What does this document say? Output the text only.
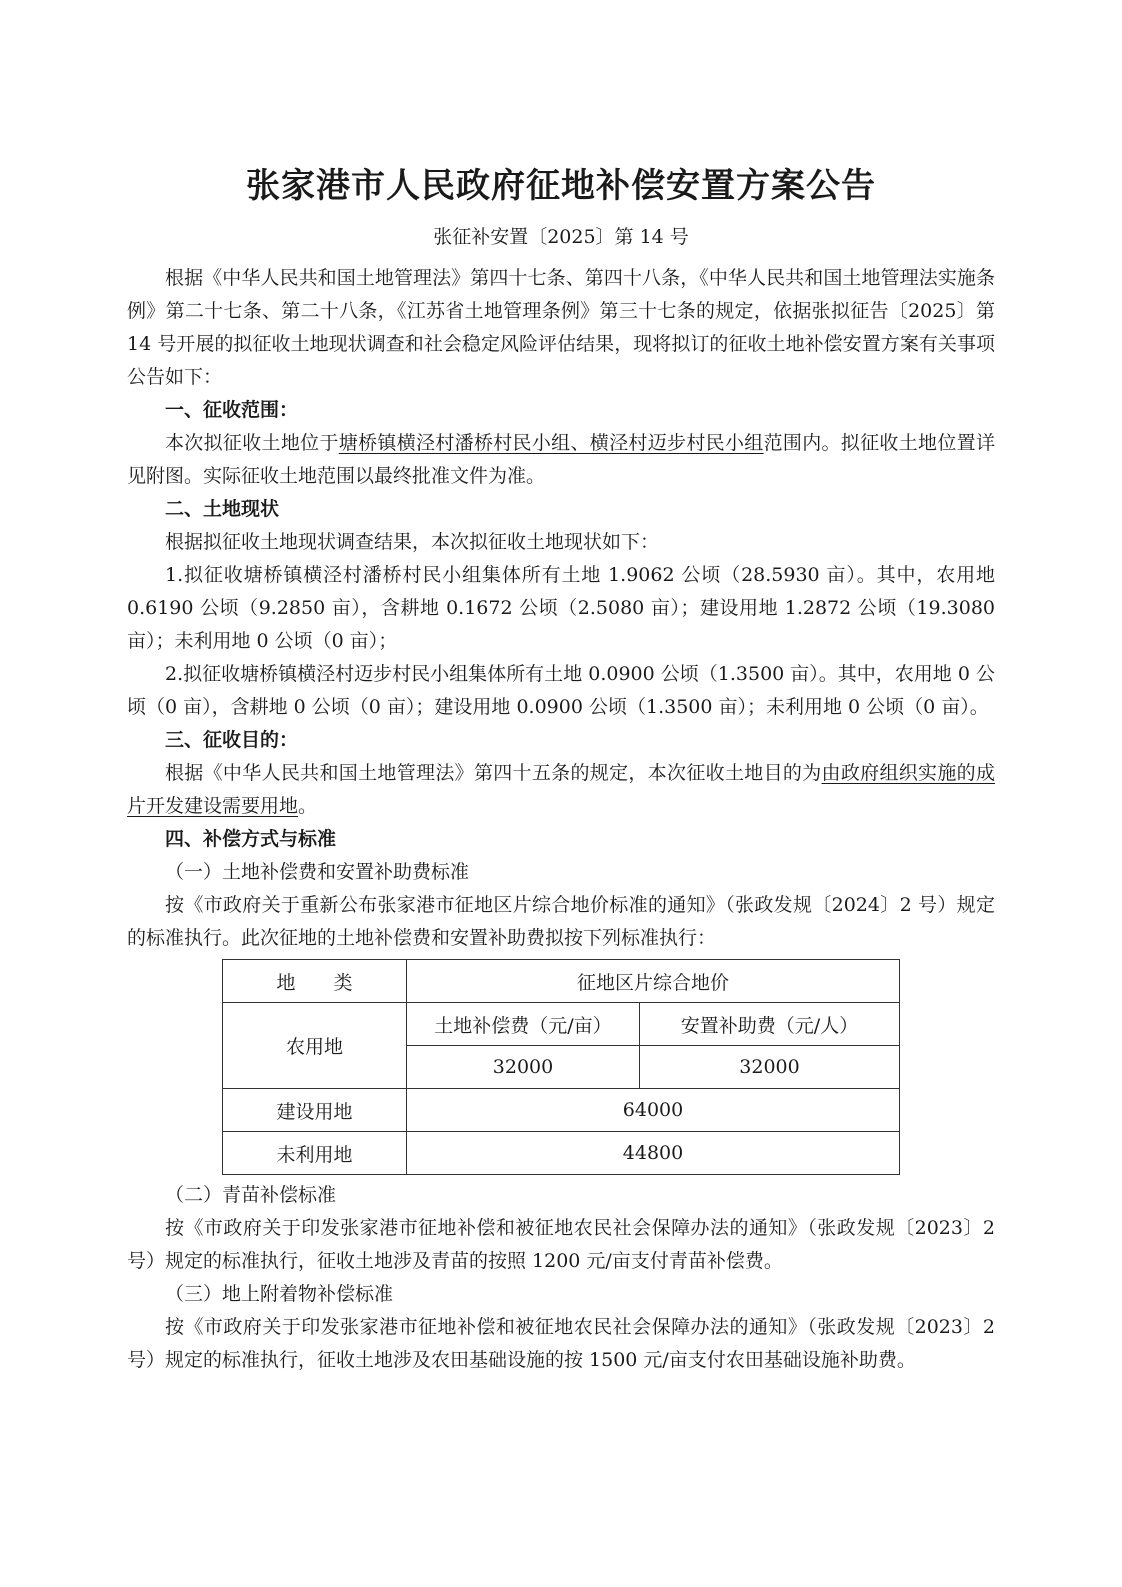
张家港市人民政府征地补偿安置方案公告
张征补安置〔2025〕第 14 号

根据《中华人民共和国土地管理法》第四十七条、第四十八条，《中华人民共和国土地管理法实施条例》第二十七条、第二十八条，《江苏省土地管理条例》第三十七条的规定，依据张拟征告〔2025〕第 14 号开展的拟征收土地现状调查和社会稳定风险评估结果，现将拟订的征收土地补偿安置方案有关事项公告如下：

一、征收范围：

本次拟征收土地位于塘桥镇横泾村潘桥村民小组、横泾村迈步村民小组范围内。拟征收土地位置详见附图。实际征收土地范围以最终批准文件为准。

二、土地现状

根据拟征收土地现状调查结果，本次拟征收土地现状如下：

1.拟征收塘桥镇横泾村潘桥村民小组集体所有土地 1.9062 公顷（28.5930 亩）。其中，农用地 0.6190 公顷（9.2850 亩），含耕地 0.1672 公顷（2.5080 亩）；建设用地 1.2872 公顷（19.3080 亩）；未利用地 0 公顷（0 亩）；

2.拟征收塘桥镇横泾村迈步村民小组集体所有土地 0.0900 公顷（1.3500 亩）。其中，农用地 0 公顷（0 亩），含耕地 0 公顷（0 亩）；建设用地 0.0900 公顷（1.3500 亩）；未利用地 0 公顷（0 亩）。

三、征收目的：

根据《中华人民共和国土地管理法》第四十五条的规定，本次征收土地目的为由政府组织实施的成片开发建设需要用地。

四、补偿方式与标准

（一）土地补偿费和安置补助费标准

按《市政府关于重新公布张家港市征地区片综合地价标准的通知》（张政发规〔2024〕2 号）规定的标准执行。此次征地的土地补偿费和安置补助费拟按下列标准执行：

地　　类	征地区片综合地价	
农用地	土地补偿费（元/亩）	安置补助费（元/人）
	32000	32000
建设用地	64000	
未利用地	44800	

（二）青苗补偿标准

按《市政府关于印发张家港市征地补偿和被征地农民社会保障办法的通知》（张政发规〔2023〕2 号）规定的标准执行，征收土地涉及青苗的按照 1200 元/亩支付青苗补偿费。

（三）地上附着物补偿标准

按《市政府关于印发张家港市征地补偿和被征地农民社会保障办法的通知》（张政发规〔2023〕2 号）规定的标准执行，征收土地涉及农田基础设施的按 1500 元/亩支付农田基础设施补助费。
